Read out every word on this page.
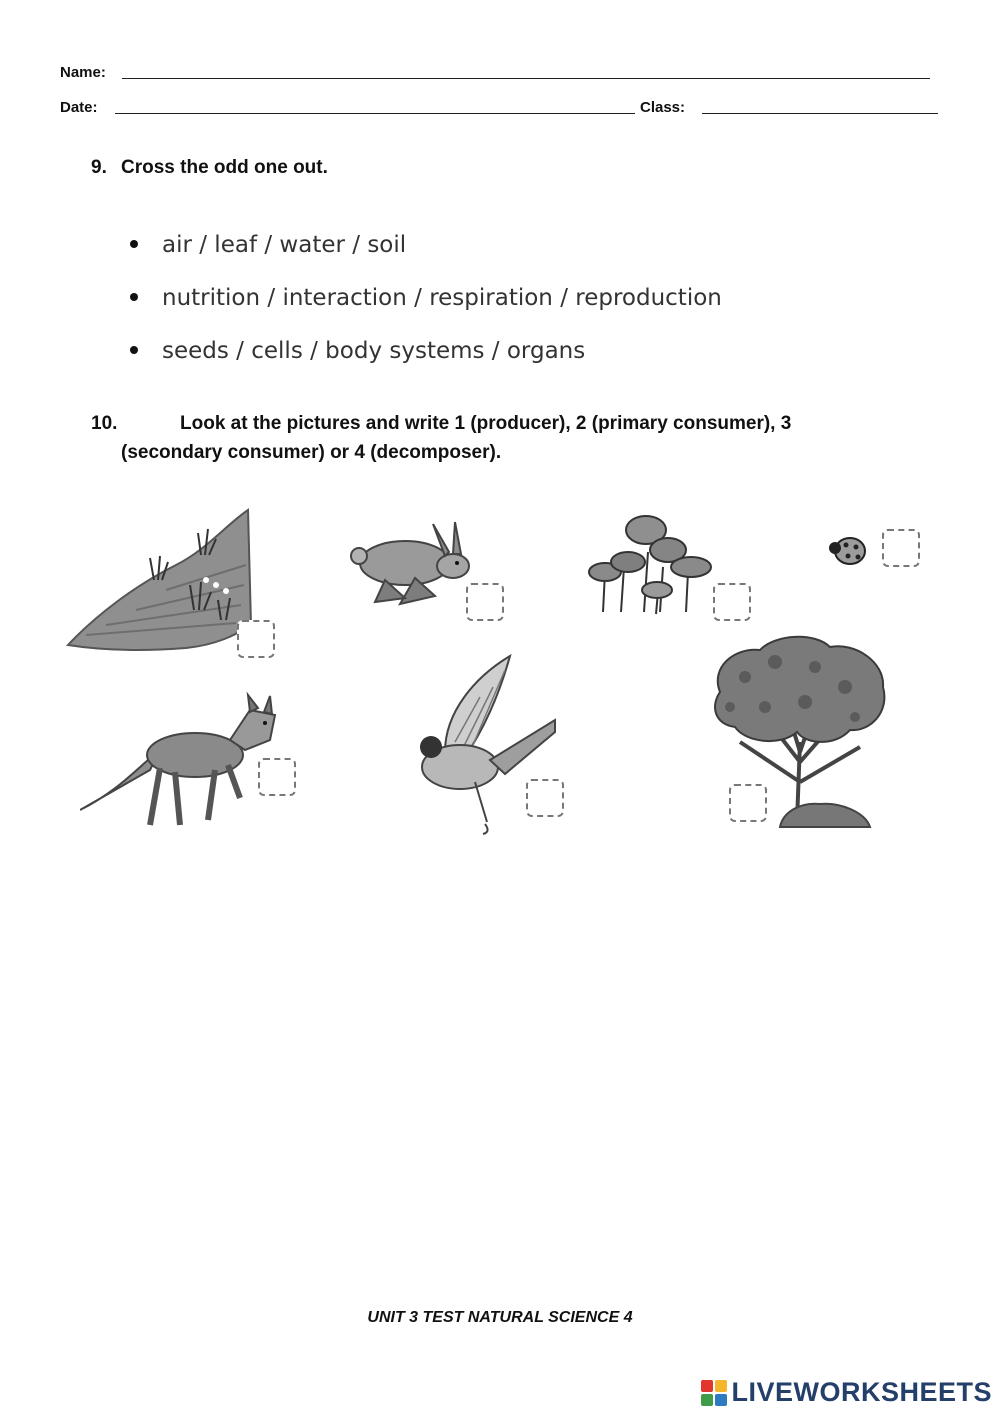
Name:
Date:	Class:
9. Cross the odd one out.
air / leaf / water / soil
nutrition / interaction / respiration / reproduction
seeds / cells / body systems / organs
10.	Look at the pictures and write 1 (producer), 2 (primary consumer), 3
(secondary consumer) or 4 (decomposer).
UNIT 3 TEST NATURAL SCIENCE 4
LIVEWORKSHEETS
